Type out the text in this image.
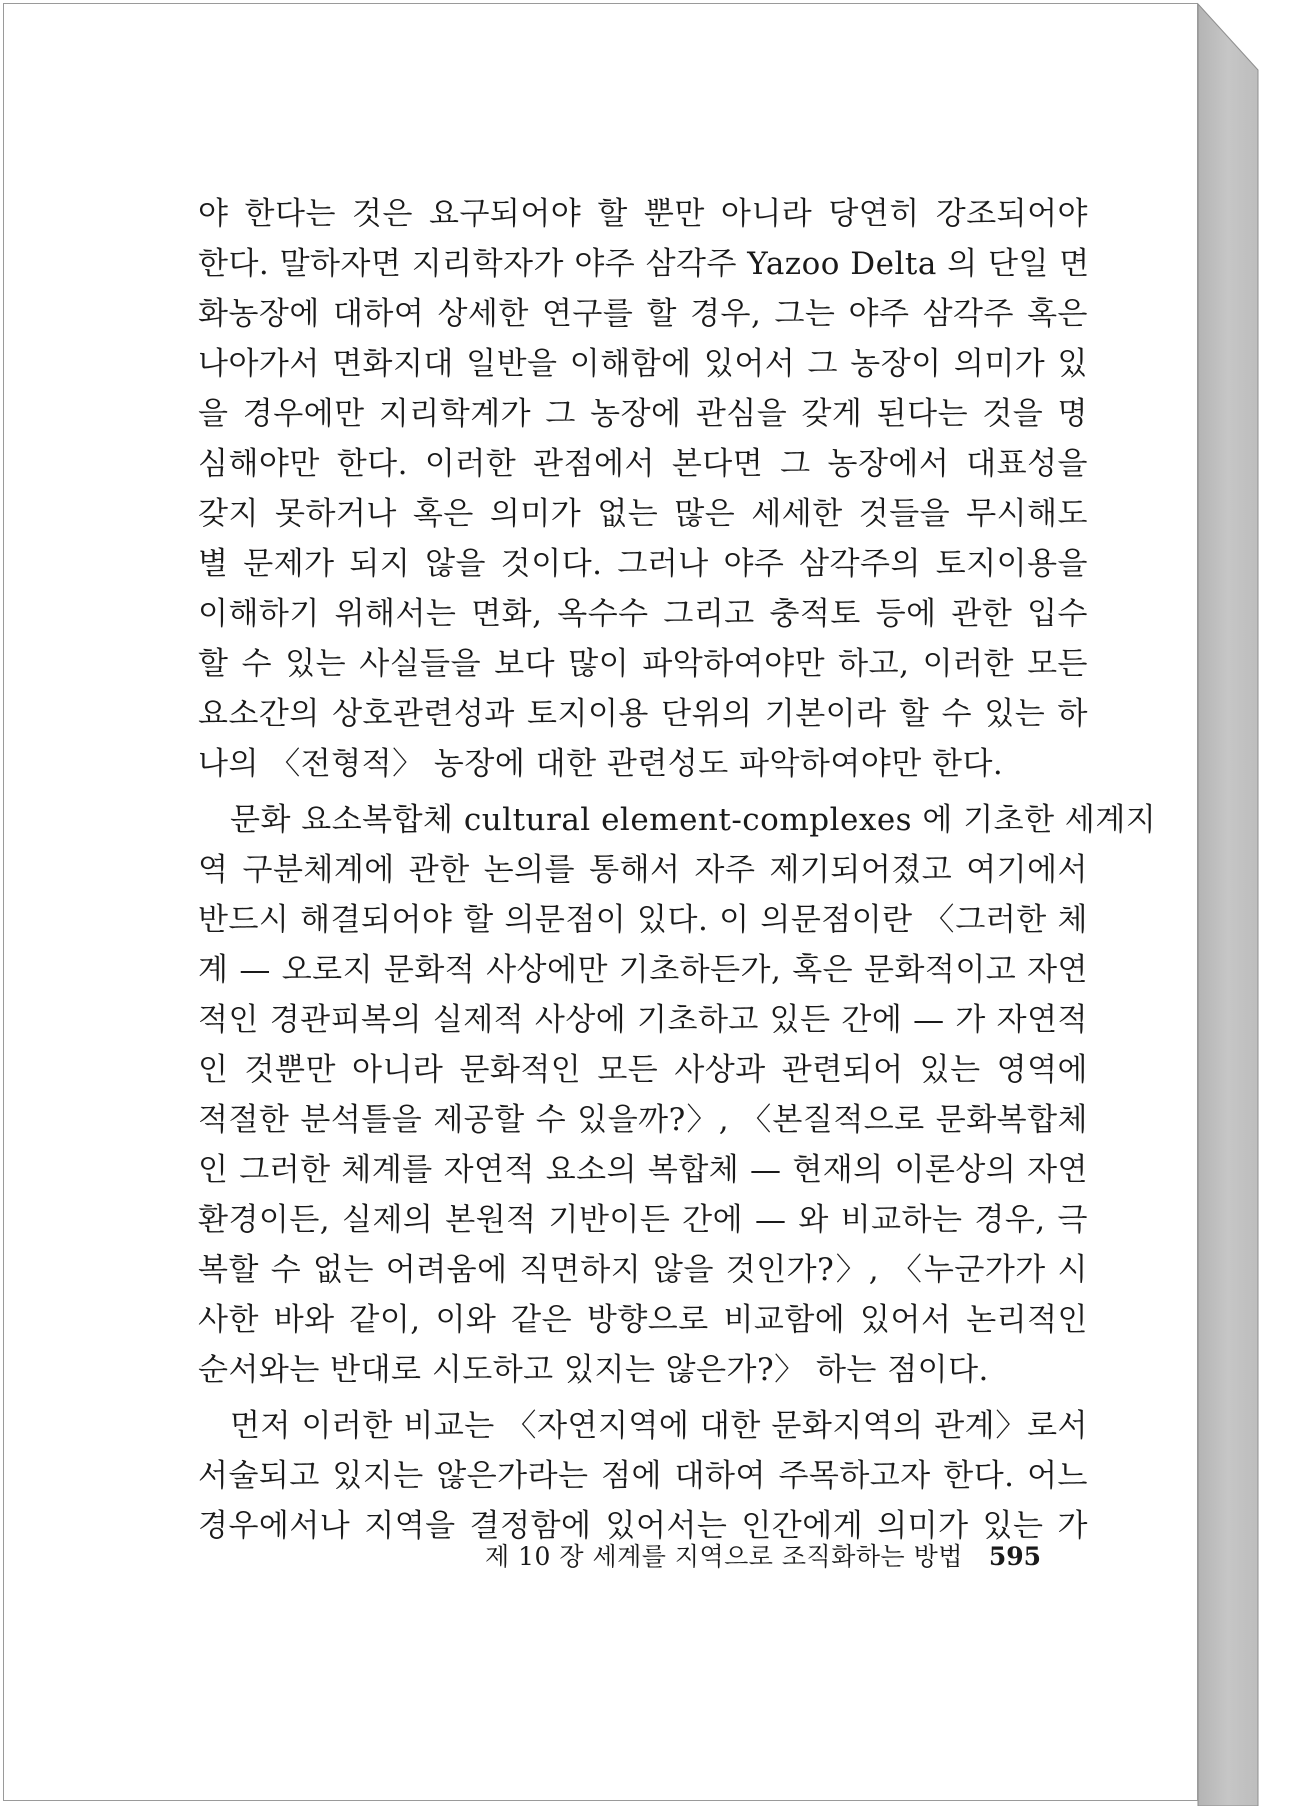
야 한다는 것은 요구되어야 할 뿐만 아니라 당연히 강조되어야
한다. 말하자면 지리학자가 야주 삼각주 Yazoo Delta 의 단일 면
화농장에 대하여 상세한 연구를 할 경우, 그는 야주 삼각주 혹은
나아가서 면화지대 일반을 이해함에 있어서 그 농장이 의미가 있
을 경우에만 지리학계가 그 농장에 관심을 갖게 된다는 것을 명
심해야만 한다. 이러한 관점에서 본다면 그 농장에서 대표성을
갖지 못하거나 혹은 의미가 없는 많은 세세한 것들을 무시해도
별 문제가 되지 않을 것이다. 그러나 야주 삼각주의 토지이용을
이해하기 위해서는 면화, 옥수수 그리고 충적토 등에 관한 입수
할 수 있는 사실들을 보다 많이 파악하여야만 하고, 이러한 모든
요소간의 상호관련성과 토지이용 단위의 기본이라 할 수 있는 하
나의 〈전형적〉 농장에 대한 관련성도 파악하여야만 한다.
문화 요소복합체 cultural element-complexes 에 기초한 세계지
역 구분체계에 관한 논의를 통해서 자주 제기되어졌고 여기에서
반드시 해결되어야 할 의문점이 있다. 이 의문점이란 〈그러한 체
계 — 오로지 문화적 사상에만 기초하든가, 혹은 문화적이고 자연
적인 경관피복의 실제적 사상에 기초하고 있든 간에 — 가 자연적
인 것뿐만 아니라 문화적인 모든 사상과 관련되어 있는 영역에
적절한 분석틀을 제공할 수 있을까?〉, 〈본질적으로 문화복합체
인 그러한 체계를 자연적 요소의 복합체 — 현재의 이론상의 자연
환경이든, 실제의 본원적 기반이든 간에 — 와 비교하는 경우, 극
복할 수 없는 어려움에 직면하지 않을 것인가?〉, 〈누군가가 시
사한 바와 같이, 이와 같은 방향으로 비교함에 있어서 논리적인
순서와는 반대로 시도하고 있지는 않은가?〉 하는 점이다.
먼저 이러한 비교는 〈자연지역에 대한 문화지역의 관계〉로서
서술되고 있지는 않은가라는 점에 대하여 주목하고자 한다. 어느
경우에서나 지역을 결정함에 있어서는 인간에게 의미가 있는 가
제 10 장 세계를 지역으로 조직화하는 방법 595
